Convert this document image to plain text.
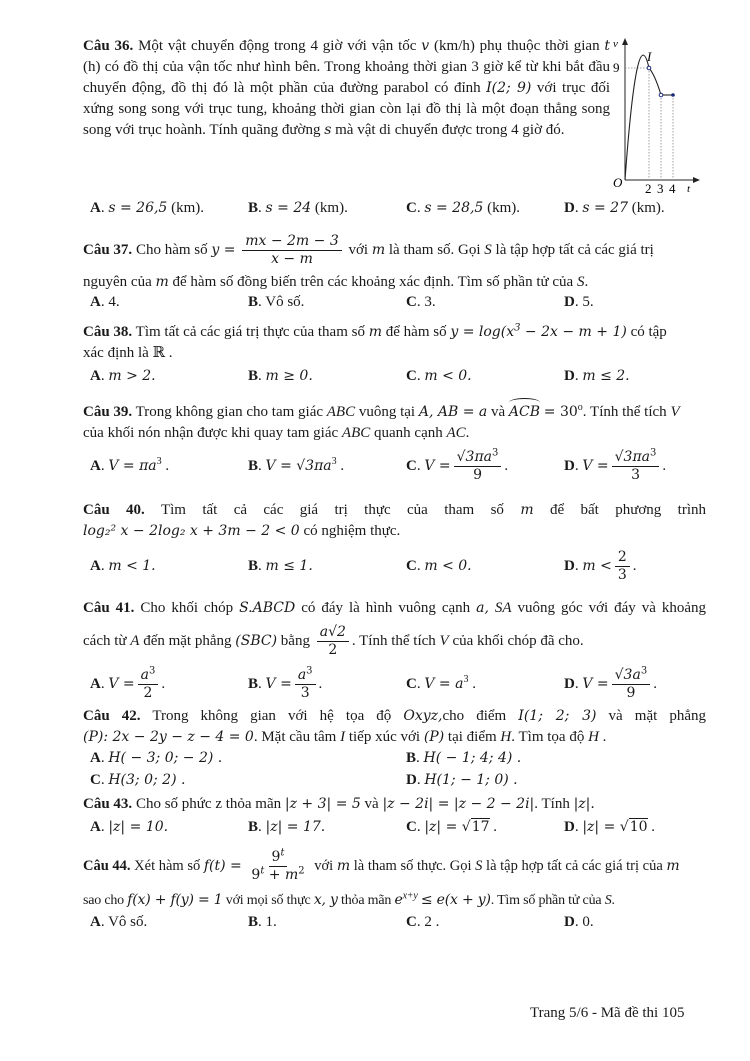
Câu 36. Một vật chuyển động trong 4 giờ với vận tốc v (km/h) phụ thuộc thời gian t (h) có đồ thị của vận tốc như hình bên. Trong khoảng thời gian 3 giờ kể từ khi bắt đầu chuyển động, đồ thị đó là một phần của đường parabol có đỉnh I(2; 9) với trục đối xứng song song với trục tung, khoảng thời gian còn lại đồ thị là một đoạn thẳng song song với trục hoành. Tính quãng đường s mà vật di chuyển được trong 4 giờ đó.
v
t
O
I
9
2 3 4
A. s = 26,5 (km).	B. s = 24 (km).	C. s = 28,5 (km).	D. s = 27 (km).
Câu 37. Cho hàm số $y = \frac{mx - 2m - 3}{x - m}$ với m là tham số. Gọi S là tập hợp tất cả các giá trị
nguyên của m để hàm số đồng biến trên các khoảng xác định. Tìm số phần tử của S.
A. 4.	B. Vô số.	C. 3.	D. 5.
Câu 38. Tìm tất cả các giá trị thực của tham số m để hàm số $y = \log(x^3 - 2x - m + 1)$ có tập
xác định là ℝ .
A. m > 2.	B. m ≥ 0.	C. m < 0.	D. m ≤ 2.
Câu 39. Trong không gian cho tam giác ABC vuông tại A, AB = a và ACB = $30^o$. Tính thể tích V
của khối nón nhận được khi quay tam giác ABC quanh cạnh AC.
A. $V = \pi a^3$ .	B. $V = √3\pi a^3$ .	C. $V = \frac{√3\pi a^3}{9}$ .	D. $V = \frac{√3\pi a^3}{3}$ .
Câu 40. Tìm tất cả các giá trị thực của tham số m để bất phương trình
log₂² x − 2log₂ x + 3m − 2 < 0 có nghiệm thực.
A. m < 1.	B. m ≤ 1.	C. m < 0.	D. $m < \frac{2}{3}$ .
Câu 41. Cho khối chóp S.ABCD có đáy là hình vuông cạnh a, SA vuông góc với đáy và khoảng
cách từ A đến mặt phẳng (SBC) bằng $\frac{a√2}{2}$ . Tính thể tích V của khối chóp đã cho.
A. $V = \frac{a^3}{2}$ .	B. $V = \frac{a^3}{3}$ .	C. $V = a^3$ .	D. $V = \frac{√3a^3}{9}$ .
Câu 42. Trong không gian với hệ tọa độ Oxyz,cho điểm I(1; 2; 3) và mặt phẳng
(P): 2x − 2y − z − 4 = 0. Mặt cầu tâm I tiếp xúc với (P) tại điểm H. Tìm tọa độ H .
A. H( − 3; 0; − 2) .	B. H( − 1; 4; 4) .
C. H(3; 0; 2) .	D. H(1; − 1; 0) .
Câu 43. Cho số phức z thỏa mãn |z + 3| = 5 và |z − 2i| = |z − 2 − 2i|. Tính |z|.
A. |z| = 10.	B. |z| = 17.	C. |z| = √17 .	D. |z| = √10 .
Câu 44. Xét hàm số $f(t) = \frac{9^t}{9^t + m^2}$ với m là tham số thực. Gọi S là tập hợp tất cả các giá trị của m
sao cho f(x) + f(y) = 1 với mọi số thực x, y thỏa mãn $e^{x+y} \le e(x + y)$. Tìm số phần tử của S.
A. Vô số.	B. 1.	C. 2 .	D. 0.
Trang 5/6 - Mã đề thi 105
